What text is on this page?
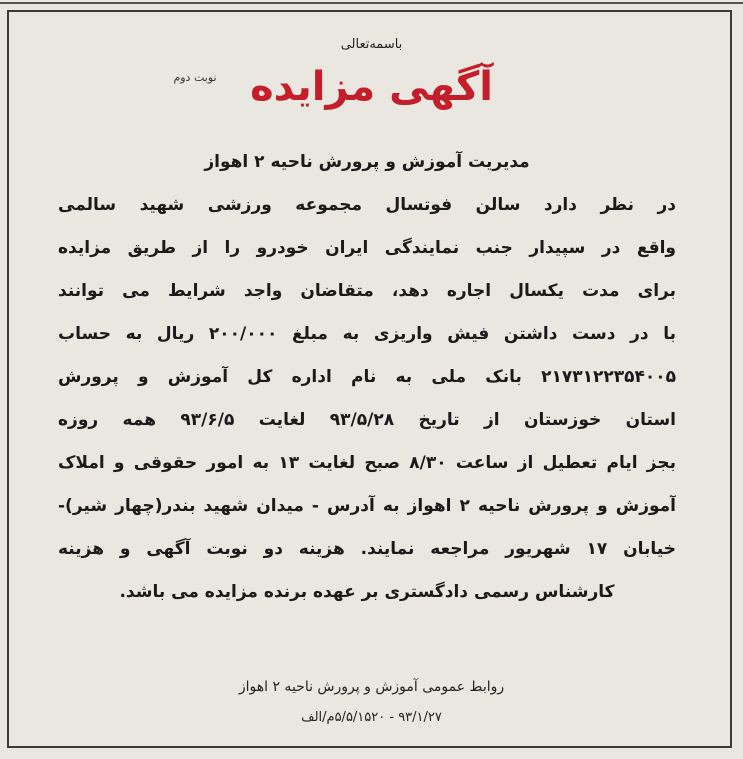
باسمه‌تعالی
آگهی مزایده
نوبت دوم
مدیریت آموزش و پرورش ناحیه ۲ اهواز
در نظر دارد سالن فوتسال مجموعه ورزشی شهید سالمی
واقع در سپیدار جنب نمایندگی ایران خودرو را از طریق مزایده
برای مدت یکسال اجاره دهد، متقاضان واجد شرایط می توانند
با در دست داشتن فیش واریزی به مبلغ ۲۰۰/۰۰۰ ریال به حساب
۲۱۷۳۱۲۲۳۵۴۰۰۵ بانک ملی به نام اداره کل آموزش و پرورش
استان خوزستان از تاریخ ۹۳/۵/۲۸ لغایت ۹۳/۶/۵ همه روزه
بجز ایام تعطیل از ساعت ۸/۳۰ صبح لغایت ۱۳ به امور حقوقی و املاک
آموزش و پرورش ناحیه ۲ اهواز به آدرس - میدان شهید بندر(چهار شیر)-
خیابان ۱۷ شهریور مراجعه نمایند. هزینه دو نوبت آگهی و هزینه
کارشناس رسمی دادگستری بر عهده برنده مزایده می باشد.
روابط عمومی آموزش و پرورش ناحیه ۲ اهواز
۹۳/۱/۲۷ - ۵/۵/۱۵۲۰م/الف
